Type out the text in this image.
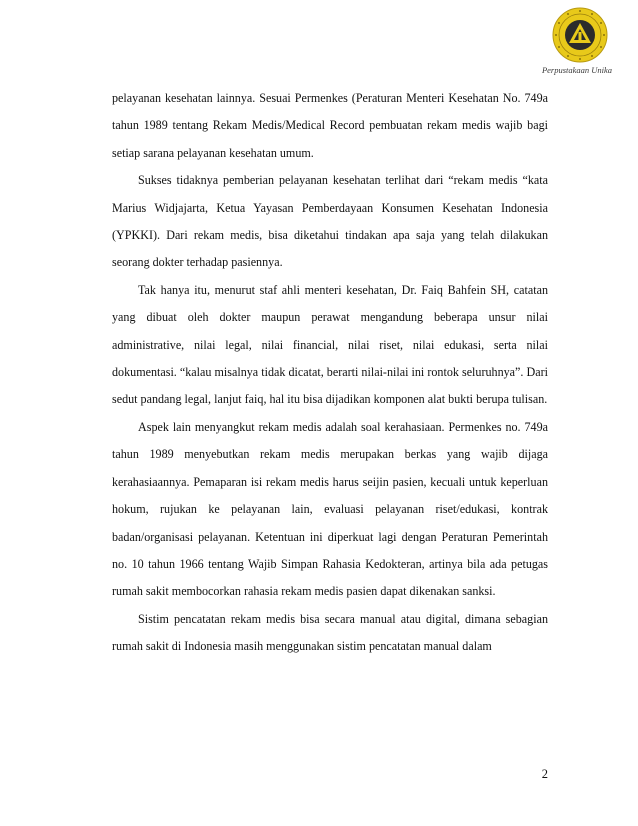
Perpustakaan Unika

pelayanan kesehatan lainnya. Sesuai Permenkes (Peraturan Menteri Kesehatan No. 749a tahun 1989 tentang Rekam Medis/Medical Record pembuatan rekam medis wajib bagi setiap sarana pelayanan kesehatan umum.

Sukses tidaknya pemberian pelayanan kesehatan terlihat dari “rekam medis “kata Marius Widjajarta, Ketua Yayasan Pemberdayaan Konsumen Kesehatan Indonesia (YPKKI). Dari rekam medis, bisa diketahui tindakan apa saja yang telah dilakukan seorang dokter terhadap pasiennya.

Tak hanya itu, menurut staf ahli menteri kesehatan, Dr. Faiq Bahfein SH, catatan yang dibuat oleh dokter maupun perawat mengandung beberapa unsur nilai administrative, nilai legal, nilai financial, nilai riset, nilai edukasi, serta nilai dokumentasi. “kalau misalnya tidak dicatat, berarti nilai-nilai ini rontok seluruhnya”. Dari sedut pandang legal, lanjut faiq, hal itu bisa dijadikan komponen alat bukti berupa tulisan.

Aspek lain menyangkut rekam medis adalah soal kerahasiaan. Permenkes no. 749a tahun 1989 menyebutkan rekam medis merupakan berkas yang wajib dijaga kerahasiaannya. Pemaparan isi rekam medis harus seijin pasien, kecuali untuk keperluan hokum, rujukan ke pelayanan lain, evaluasi pelayanan riset/edukasi, kontrak badan/organisasi pelayanan. Ketentuan ini diperkuat lagi dengan Peraturan Pemerintah no. 10 tahun 1966 tentang Wajib Simpan Rahasia Kedokteran, artinya bila ada petugas rumah sakit membocorkan rahasia rekam medis pasien dapat dikenakan sanksi.

Sistim pencatatan rekam medis bisa secara manual atau digital, dimana sebagian rumah sakit di Indonesia masih menggunakan sistim pencatatan manual dalam

2
